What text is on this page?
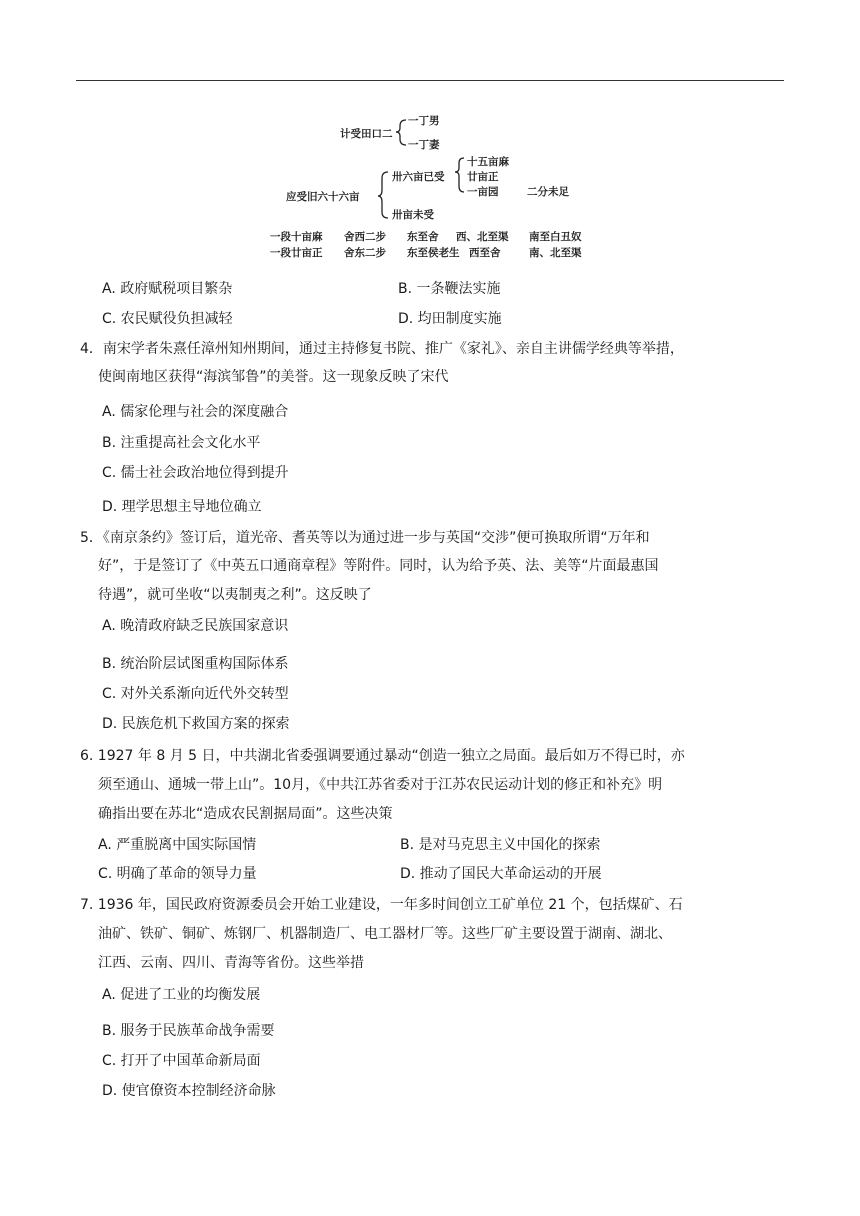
计受田口二
一丁男
一丁妻
应受旧六十六亩
卅六亩已受
十五亩麻
廿亩正
一亩园	二分未足
卅亩未受
一段十亩麻 舍西二步 东至舍 西、北至渠 南至白丑奴
一段廿亩正 舍东二步 东至侯老生 西至舍	南、北至渠
A. 政府赋税项目繁杂	B. 一条鞭法实施
C. 农民赋役负担减轻	D. 均田制度实施
4．南宋学者朱熹任漳州知州期间，通过主持修复书院、推广《家礼》、亲自主讲儒学经典等举措，
使闽南地区获得“海滨邹鲁”的美誉。这一现象反映了宋代
A. 儒家伦理与社会的深度融合
B. 注重提高社会文化水平
C. 儒士社会政治地位得到提升
D. 理学思想主导地位确立
5．《南京条约》签订后，道光帝、耆英等以为通过进一步与英国“交涉”便可换取所谓“万年和
好”，于是签订了《中英五口通商章程》等附件。同时，认为给予英、法、美等“片面最惠国
待遇”，就可坐收“以夷制夷之利”。这反映了
A. 晚清政府缺乏民族国家意识
B. 统治阶层试图重构国际体系
C. 对外关系渐向近代外交转型
D. 民族危机下救国方案的探索
6. 1927 年 8 月 5 日，中共湖北省委强调要通过暴动“创造一独立之局面。最后如万不得已时，亦
须至通山、通城一带上山”。10月，《中共江苏省委对于江苏农民运动计划的修正和补充》明
确指出要在苏北“造成农民割据局面”。这些决策
A. 严重脱离中国实际国情	B. 是对马克思主义中国化的探索
C. 明确了革命的领导力量	D. 推动了国民大革命运动的开展
7. 1936 年，国民政府资源委员会开始工业建设，一年多时间创立工矿单位 21 个，包括煤矿、石
油矿、铁矿、铜矿、炼钢厂、机器制造厂、电工器材厂等。这些厂矿主要设置于湖南、湖北、
江西、云南、四川、青海等省份。这些举措
A. 促进了工业的均衡发展
B. 服务于民族革命战争需要
C. 打开了中国革命新局面
D. 使官僚资本控制经济命脉
